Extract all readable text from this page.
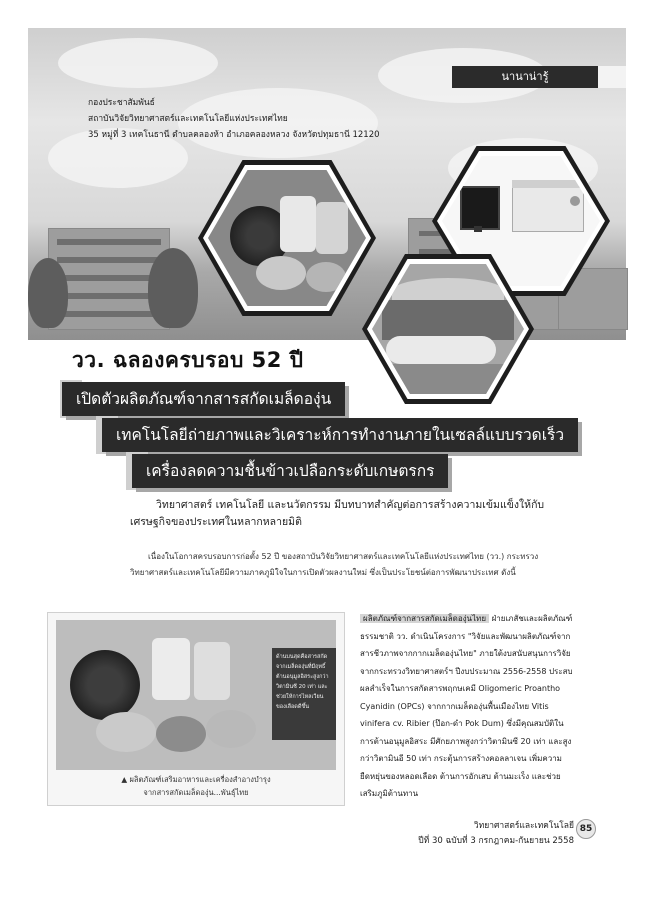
นานาน่ารู้
กองประชาสัมพันธ์
สถาบันวิจัยวิทยาศาสตร์และเทคโนโลยีแห่งประเทศไทย
35 หมู่ที่ 3 เทคโนธานี ตำบลคลองห้า อำเภอคลองหลวง จังหวัดปทุมธานี 12120
วว. ฉลองครบรอบ 52 ปี
เปิดตัวผลิตภัณฑ์จากสารสกัดเมล็ดองุ่น
เทคโนโลยีถ่ายภาพและวิเคราะห์การทำงานภายในเซลล์แบบรวดเร็ว
เครื่องลดความชื้นข้าวเปลือกระดับเกษตรกร
วิทยาศาสตร์ เทคโนโลยี และนวัตกรรม มีบทบาทสำคัญต่อการสร้างความเข้มแข็งให้กับเศรษฐกิจของประเทศในหลากหลายมิติ
เนื่องในโอกาสครบรอบการก่อตั้ง 52 ปี ของสถาบันวิจัยวิทยาศาสตร์และเทคโนโลยีแห่งประเทศไทย (วว.) กระทรวงวิทยาศาสตร์และเทคโนโลยีมีความภาคภูมิใจในการเปิดตัวผลงานใหม่ ซึ่งเป็นประโยชน์ต่อการพัฒนาประเทศ ดังนี้
ด้านบนสุดคือสารสกัดจากเมล็ดองุ่นที่มีฤทธิ์ต้านอนุมูลอิสระสูงกว่าวิตามินซี 20 เท่า และช่วยให้การไหลเวียนของเลือดดีขึ้น
▲ ผลิตภัณฑ์เสริมอาหารและเครื่องสำอางบำรุง
จากสารสกัดเมล็ดองุ่น...พันธุ์ไทย
ผลิตภัณฑ์จากสารสกัดเมล็ดองุ่นไทย ฝ่ายเภสัชและผลิตภัณฑ์ธรรมชาติ วว. ดำเนินโครงการ "วิจัยและพัฒนาผลิตภัณฑ์จากสารชีวภาพจากกากเมล็ดองุ่นไทย" ภายใต้งบสนับสนุนการวิจัยจากกระทรวงวิทยาศาสตร์ฯ ปีงบประมาณ 2556-2558 ประสบผลสำเร็จในการสกัดสารพฤกษเคมี Oligomeric Proantho Cyanidin (OPCs) จากกากเมล็ดองุ่นพื้นเมืองไทย Vitis vinifera cv. Ribier (ป๊อก-ดำ Pok Dum) ซึ่งมีคุณสมบัติในการต้านอนุมูลอิสระ มีศักยภาพสูงกว่าวิตามินซี 20 เท่า และสูงกว่าวิตามินอี 50 เท่า กระตุ้นการสร้างคอลลาเจน เพิ่มความยืดหยุ่นของหลอดเลือด ต้านการอักเสบ ต้านมะเร็ง และช่วยเสริมภูมิต้านทาน
วิทยาศาสตร์และเทคโนโลยี
ปีที่ 30 ฉบับที่ 3 กรกฎาคม-กันยายน 2558
85
